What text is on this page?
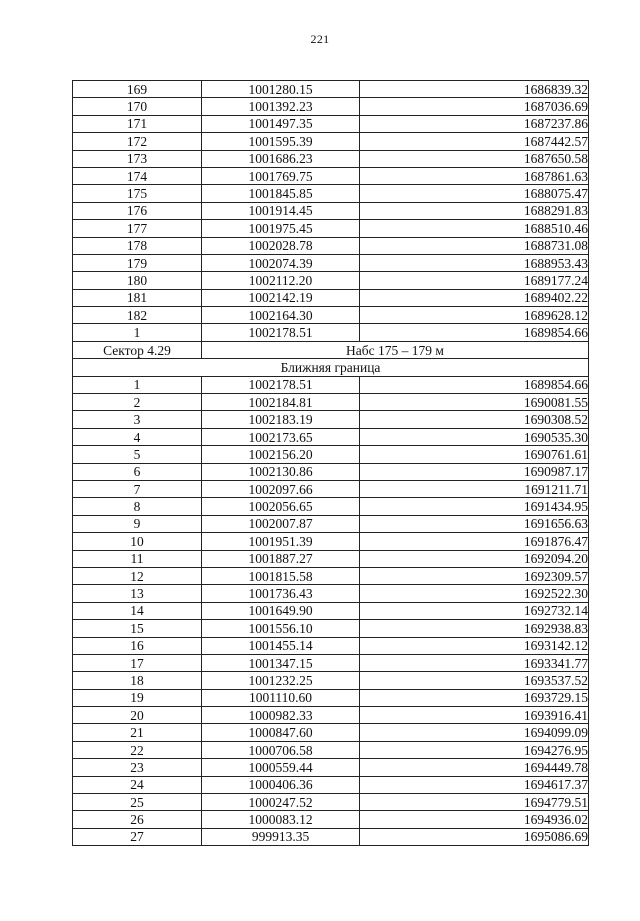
221
169	1001280.15	1686839.32
170	1001392.23	1687036.69
171	1001497.35	1687237.86
172	1001595.39	1687442.57
173	1001686.23	1687650.58
174	1001769.75	1687861.63
175	1001845.85	1688075.47
176	1001914.45	1688291.83
177	1001975.45	1688510.46
178	1002028.78	1688731.08
179	1002074.39	1688953.43
180	1002112.20	1689177.24
181	1002142.19	1689402.22
182	1002164.30	1689628.12
1	1002178.51	1689854.66
Сектор 4.29	Набс 175 – 179 м	
Ближняя граница		
1	1002178.51	1689854.66
2	1002184.81	1690081.55
3	1002183.19	1690308.52
4	1002173.65	1690535.30
5	1002156.20	1690761.61
6	1002130.86	1690987.17
7	1002097.66	1691211.71
8	1002056.65	1691434.95
9	1002007.87	1691656.63
10	1001951.39	1691876.47
11	1001887.27	1692094.20
12	1001815.58	1692309.57
13	1001736.43	1692522.30
14	1001649.90	1692732.14
15	1001556.10	1692938.83
16	1001455.14	1693142.12
17	1001347.15	1693341.77
18	1001232.25	1693537.52
19	1001110.60	1693729.15
20	1000982.33	1693916.41
21	1000847.60	1694099.09
22	1000706.58	1694276.95
23	1000559.44	1694449.78
24	1000406.36	1694617.37
25	1000247.52	1694779.51
26	1000083.12	1694936.02
27	999913.35	1695086.69
